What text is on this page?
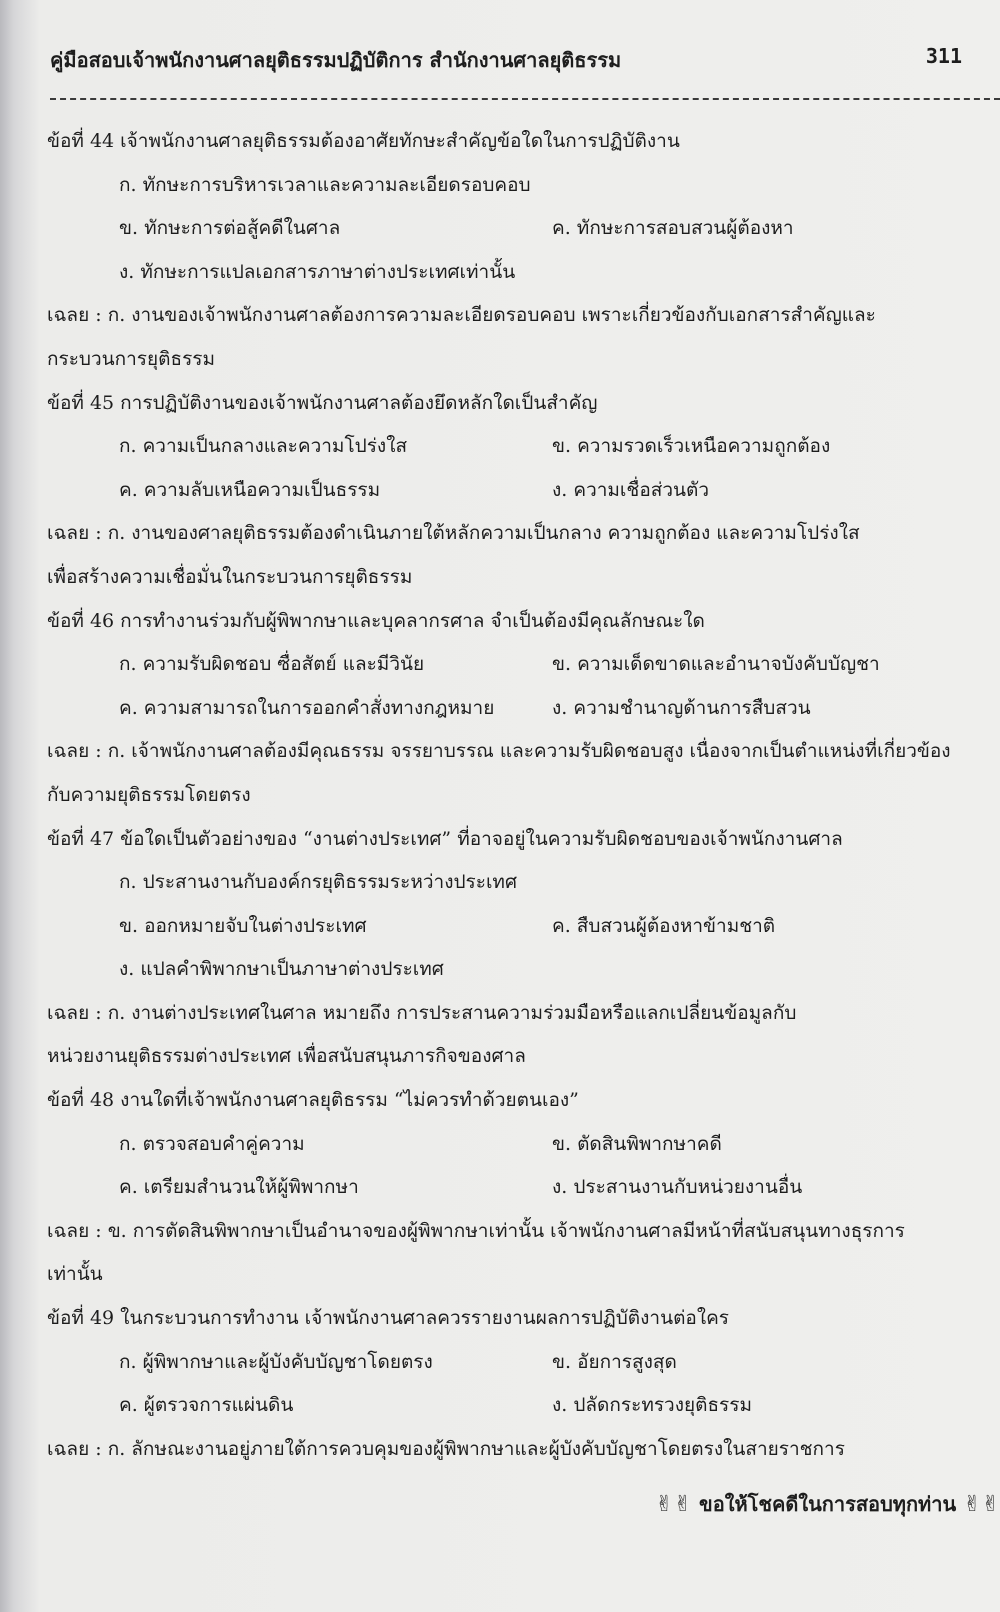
คู่มือสอบเจ้าพนักงานศาลยุติธรรมปฏิบัติการ สำนักงานศาลยุติธรรม	311
ข้อที่ 44 เจ้าพนักงานศาลยุติธรรมต้องอาศัยทักษะสำคัญข้อใดในการปฏิบัติงาน
ก. ทักษะการบริหารเวลาและความละเอียดรอบคอบ
ข. ทักษะการต่อสู้คดีในศาล	ค. ทักษะการสอบสวนผู้ต้องหา
ง. ทักษะการแปลเอกสารภาษาต่างประเทศเท่านั้น
เฉลย : ก. งานของเจ้าพนักงานศาลต้องการความละเอียดรอบคอบ เพราะเกี่ยวข้องกับเอกสารสำคัญและ
กระบวนการยุติธรรม
ข้อที่ 45 การปฏิบัติงานของเจ้าพนักงานศาลต้องยึดหลักใดเป็นสำคัญ
ก. ความเป็นกลางและความโปร่งใส	ข. ความรวดเร็วเหนือความถูกต้อง
ค. ความลับเหนือความเป็นธรรม	ง. ความเชื่อส่วนตัว
เฉลย : ก. งานของศาลยุติธรรมต้องดำเนินภายใต้หลักความเป็นกลาง ความถูกต้อง และความโปร่งใส
เพื่อสร้างความเชื่อมั่นในกระบวนการยุติธรรม
ข้อที่ 46 การทำงานร่วมกับผู้พิพากษาและบุคลากรศาล จำเป็นต้องมีคุณลักษณะใด
ก. ความรับผิดชอบ ซื่อสัตย์ และมีวินัย	ข. ความเด็ดขาดและอำนาจบังคับบัญชา
ค. ความสามารถในการออกคำสั่งทางกฎหมาย	ง. ความชำนาญด้านการสืบสวน
เฉลย : ก. เจ้าพนักงานศาลต้องมีคุณธรรม จรรยาบรรณ และความรับผิดชอบสูง เนื่องจากเป็นตำแหน่งที่เกี่ยวข้อง
กับความยุติธรรมโดยตรง
ข้อที่ 47 ข้อใดเป็นตัวอย่างของ “งานต่างประเทศ” ที่อาจอยู่ในความรับผิดชอบของเจ้าพนักงานศาล
ก. ประสานงานกับองค์กรยุติธรรมระหว่างประเทศ
ข. ออกหมายจับในต่างประเทศ	ค. สืบสวนผู้ต้องหาข้ามชาติ
ง. แปลคำพิพากษาเป็นภาษาต่างประเทศ
เฉลย : ก. งานต่างประเทศในศาล หมายถึง การประสานความร่วมมือหรือแลกเปลี่ยนข้อมูลกับ
หน่วยงานยุติธรรมต่างประเทศ เพื่อสนับสนุนภารกิจของศาล
ข้อที่ 48 งานใดที่เจ้าพนักงานศาลยุติธรรม “ไม่ควรทำด้วยตนเอง”
ก. ตรวจสอบคำคู่ความ	ข. ตัดสินพิพากษาคดี
ค. เตรียมสำนวนให้ผู้พิพากษา	ง. ประสานงานกับหน่วยงานอื่น
เฉลย : ข. การตัดสินพิพากษาเป็นอำนาจของผู้พิพากษาเท่านั้น เจ้าพนักงานศาลมีหน้าที่สนับสนุนทางธุรการ
เท่านั้น
ข้อที่ 49 ในกระบวนการทำงาน เจ้าพนักงานศาลควรรายงานผลการปฏิบัติงานต่อใคร
ก. ผู้พิพากษาและผู้บังคับบัญชาโดยตรง	ข. อัยการสูงสุด
ค. ผู้ตรวจการแผ่นดิน	ง. ปลัดกระทรวงยุติธรรม
เฉลย : ก. ลักษณะงานอยู่ภายใต้การควบคุมของผู้พิพากษาและผู้บังคับบัญชาโดยตรงในสายราชการ
✌✌ ขอให้โชคดีในการสอบทุกท่าน ✌✌
